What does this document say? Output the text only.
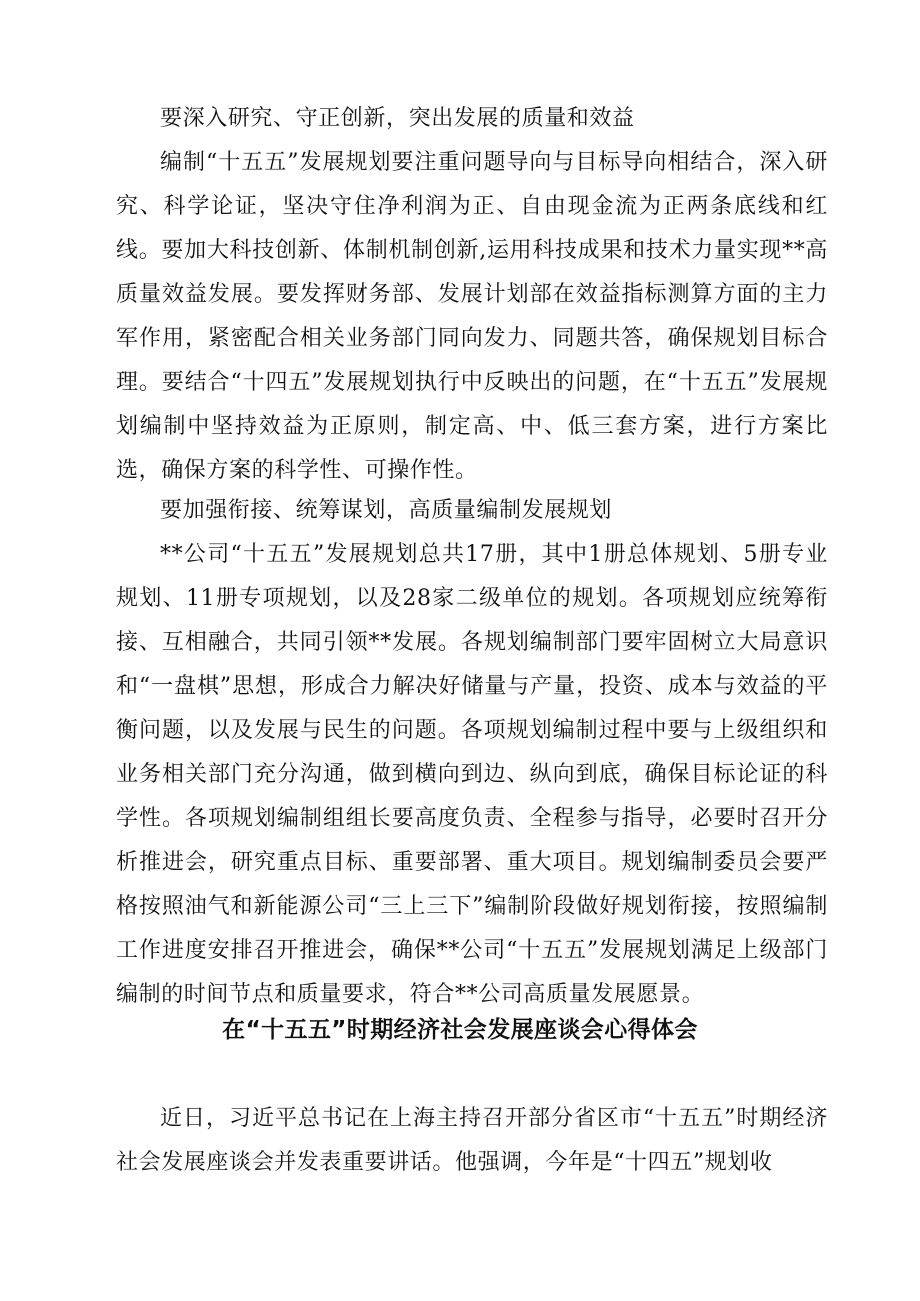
要深入研究、守正创新，突出发展的质量和效益

编制“十五五”发展规划要注重问题导向与目标导向相结合，深入研究、科学论证，坚决守住净利润为正、自由现金流为正两条底线和红线。要加大科技创新、体制机制创新,运用科技成果和技术力量实现**高质量效益发展。要发挥财务部、发展计划部在效益指标测算方面的主力军作用，紧密配合相关业务部门同向发力、同题共答，确保规划目标合理。要结合“十四五”发展规划执行中反映出的问题，在“十五五”发展规划编制中坚持效益为正原则，制定高、中、低三套方案，进行方案比选，确保方案的科学性、可操作性。

要加强衔接、统筹谋划，高质量编制发展规划

**公司“十五五”发展规划总共17册，其中1册总体规划、5册专业规划、11册专项规划，以及28家二级单位的规划。各项规划应统筹衔接、互相融合，共同引领**发展。各规划编制部门要牢固树立大局意识和“一盘棋”思想，形成合力解决好储量与产量，投资、成本与效益的平衡问题，以及发展与民生的问题。各项规划编制过程中要与上级组织和业务相关部门充分沟通，做到横向到边、纵向到底，确保目标论证的科学性。各项规划编制组组长要高度负责、全程参与指导，必要时召开分析推进会，研究重点目标、重要部署、重大项目。规划编制委员会要严格按照油气和新能源公司“三上三下”编制阶段做好规划衔接，按照编制工作进度安排召开推进会，确保**公司“十五五”发展规划满足上级部门编制的时间节点和质量要求，符合**公司高质量发展愿景。

在“十五五”时期经济社会发展座谈会心得体会

近日，习近平总书记在上海主持召开部分省区市“十五五”时期经济社会发展座谈会并发表重要讲话。他强调，今年是“十四五”规划收
